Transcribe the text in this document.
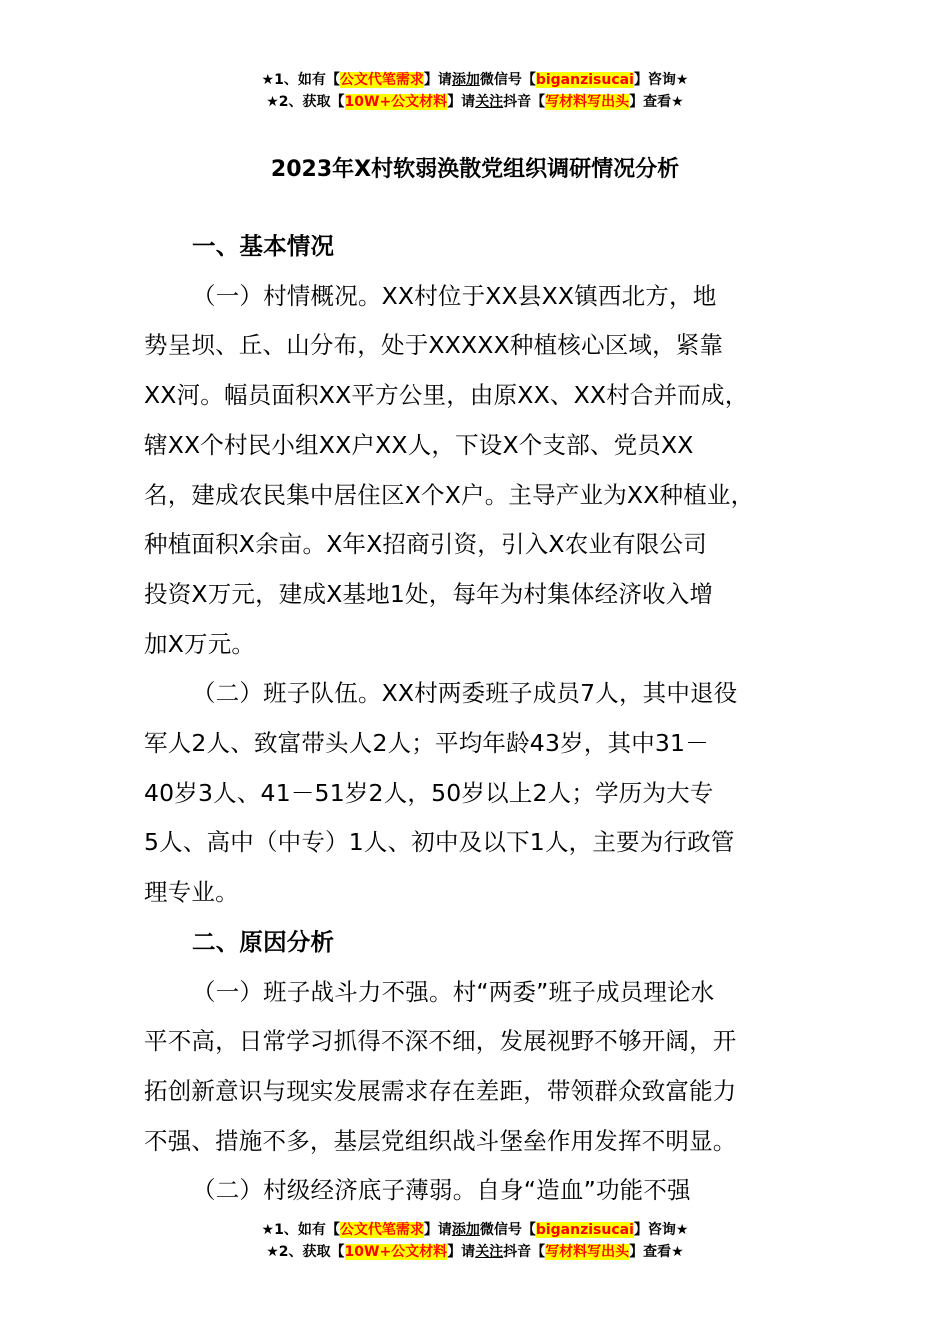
★1、如有【公文代笔需求】请添加微信号【biganzisucai】咨询★
★2、获取【10W+公文材料】请关注抖音【写材料写出头】查看★
2023年X村软弱涣散党组织调研情况分析

一、基本情况

（一）村情概况。XX村位于XX县XX镇西北方，地
势呈坝、丘、山分布，处于XXXXX种植核心区域，紧靠
XX河。幅员面积XX平方公里，由原XX、XX村合并而成，
辖XX个村民小组XX户XX人，下设X个支部、党员XX
名，建成农民集中居住区X个X户。主导产业为XX种植业，
种植面积X余亩。X年X招商引资，引入X农业有限公司
投资X万元，建成X基地1处，每年为村集体经济收入增
加X万元。

（二）班子队伍。XX村两委班子成员7人，其中退役
军人2人、致富带头人2人；平均年龄43岁，其中31－
40岁3人、41－51岁2人，50岁以上2人；学历为大专
5人、高中（中专）1人、初中及以下1人，主要为行政管
理专业。

二、原因分析

（一）班子战斗力不强。村“两委”班子成员理论水
平不高，日常学习抓得不深不细，发展视野不够开阔，开
拓创新意识与现实发展需求存在差距，带领群众致富能力
不强、措施不多，基层党组织战斗堡垒作用发挥不明显。

（二）村级经济底子薄弱。自身“造血”功能不强

★1、如有【公文代笔需求】请添加微信号【biganzisucai】咨询★
★2、获取【10W+公文材料】请关注抖音【写材料写出头】查看★
